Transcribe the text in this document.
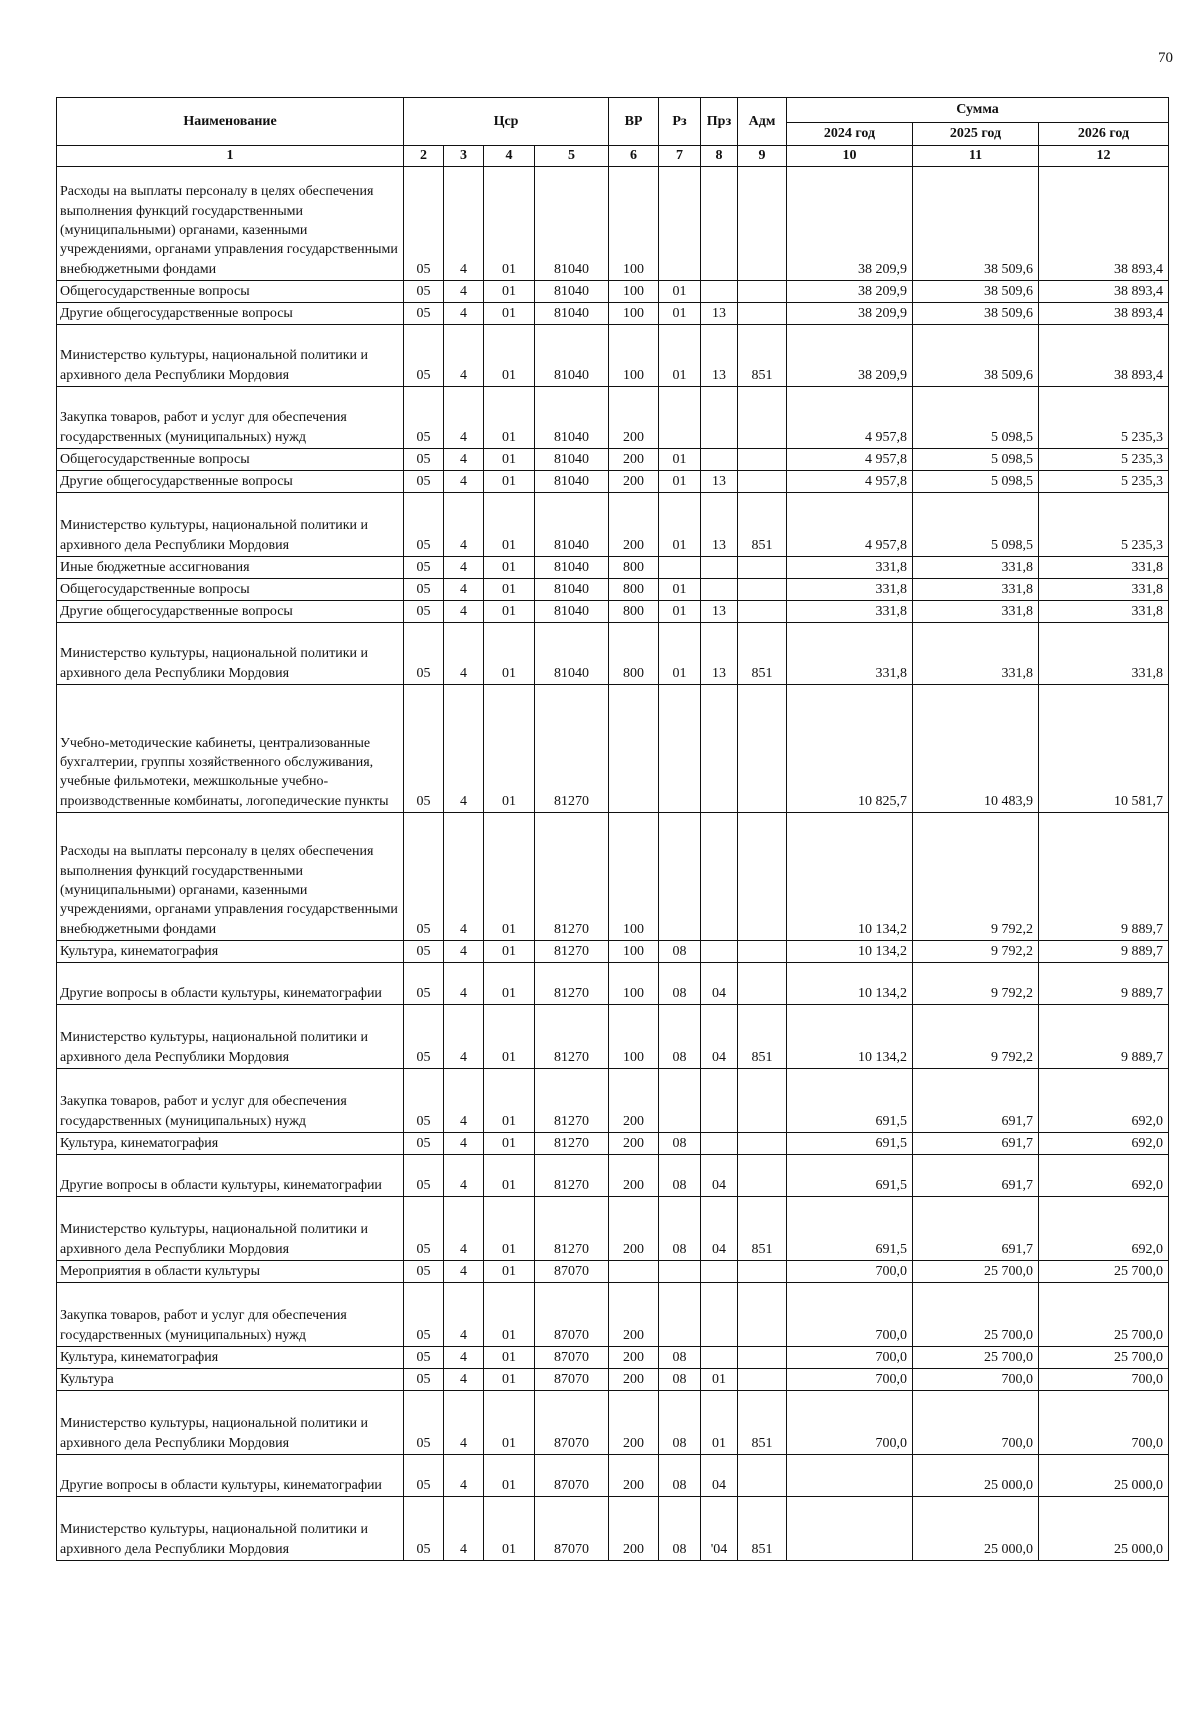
70
Наименование	Цср				ВР	Рз	Прз	Адм	Сумма		
									2024 год	2025 год	2026 год
1	2	3	4	5	6	7	8	9	10	11	12
Расходы на выплаты персоналу в целях обеспечения выполнения функций государственными (муниципальными) органами, казенными учреждениями, органами управления государственными внебюджетными фондами	05	4	01	81040	100				38 209,9	38 509,6	38 893,4
Общегосударственные вопросы	05	4	01	81040	100	01			38 209,9	38 509,6	38 893,4
Другие общегосударственные вопросы	05	4	01	81040	100	01	13		38 209,9	38 509,6	38 893,4
Министерство культуры, национальной политики и архивного дела Республики Мордовия	05	4	01	81040	100	01	13	851	38 209,9	38 509,6	38 893,4
Закупка товаров, работ и услуг для обеспечения государственных (муниципальных) нужд	05	4	01	81040	200				4 957,8	5 098,5	5 235,3
Общегосударственные вопросы	05	4	01	81040	200	01			4 957,8	5 098,5	5 235,3
Другие общегосударственные вопросы	05	4	01	81040	200	01	13		4 957,8	5 098,5	5 235,3
Министерство культуры, национальной политики и архивного дела Республики Мордовия	05	4	01	81040	200	01	13	851	4 957,8	5 098,5	5 235,3
Иные бюджетные ассигнования	05	4	01	81040	800				331,8	331,8	331,8
Общегосударственные вопросы	05	4	01	81040	800	01			331,8	331,8	331,8
Другие общегосударственные вопросы	05	4	01	81040	800	01	13		331,8	331,8	331,8
Министерство культуры, национальной политики и архивного дела Республики Мордовия	05	4	01	81040	800	01	13	851	331,8	331,8	331,8
Учебно-методические кабинеты, централизованные бухгалтерии, группы хозяйственного обслуживания, учебные фильмотеки, межшкольные учебно-производственные комбинаты, логопедические пункты	05	4	01	81270					10 825,7	10 483,9	10 581,7
Расходы на выплаты персоналу в целях обеспечения выполнения функций государственными (муниципальными) органами, казенными учреждениями, органами управления государственными внебюджетными фондами	05	4	01	81270	100				10 134,2	9 792,2	9 889,7
Культура, кинематография	05	4	01	81270	100	08			10 134,2	9 792,2	9 889,7
Другие вопросы в области культуры, кинематографии	05	4	01	81270	100	08	04		10 134,2	9 792,2	9 889,7
Министерство культуры, национальной политики и архивного дела Республики Мордовия	05	4	01	81270	100	08	04	851	10 134,2	9 792,2	9 889,7
Закупка товаров, работ и услуг для обеспечения государственных (муниципальных) нужд	05	4	01	81270	200				691,5	691,7	692,0
Культура, кинематография	05	4	01	81270	200	08			691,5	691,7	692,0
Другие вопросы в области культуры, кинематографии	05	4	01	81270	200	08	04		691,5	691,7	692,0
Министерство культуры, национальной политики и архивного дела Республики Мордовия	05	4	01	81270	200	08	04	851	691,5	691,7	692,0
Мероприятия в области культуры	05	4	01	87070					700,0	25 700,0	25 700,0
Закупка товаров, работ и услуг для обеспечения государственных (муниципальных) нужд	05	4	01	87070	200				700,0	25 700,0	25 700,0
Культура, кинематография	05	4	01	87070	200	08			700,0	25 700,0	25 700,0
Культура	05	4	01	87070	200	08	01		700,0	700,0	700,0
Министерство культуры, национальной политики и архивного дела Республики Мордовия	05	4	01	87070	200	08	01	851	700,0	700,0	700,0
Другие вопросы в области культуры, кинематографии	05	4	01	87070	200	08	04			25 000,0	25 000,0
Министерство культуры, национальной политики и архивного дела Республики Мордовия	05	4	01	87070	200	08	'04	851		25 000,0	25 000,0
